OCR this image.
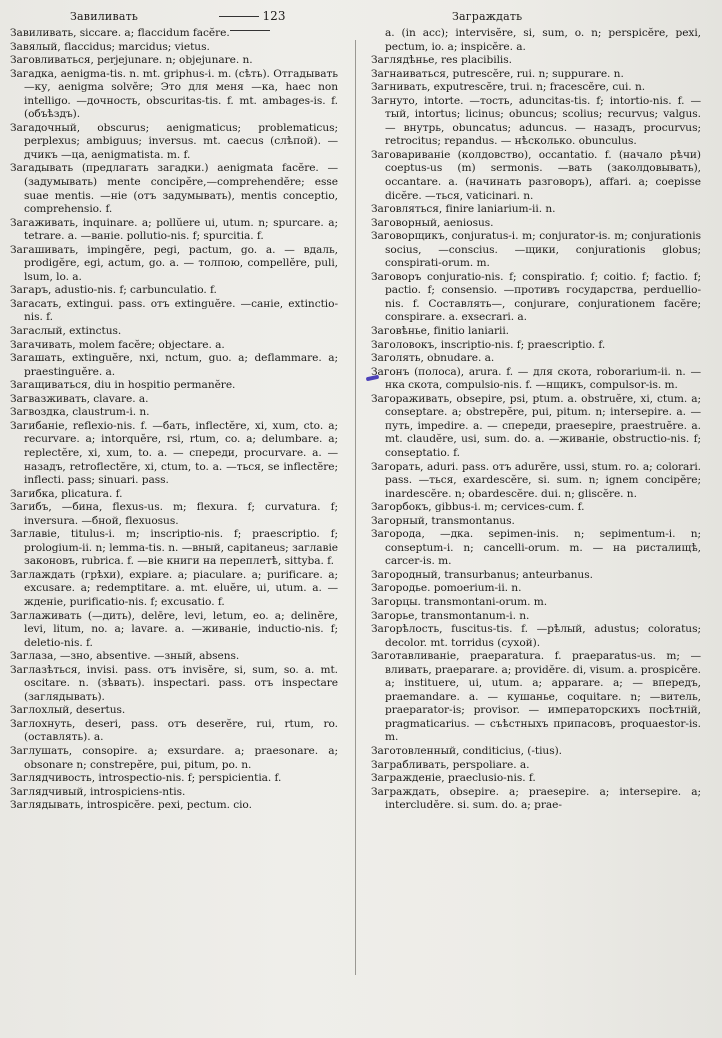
Завиливать	123	Заграждать

Завиливать, siccare. a; flaccidum facĕre.

Завялый, flaccidus; marcidus; vietus.

Заговливаться, perjejunare. n; objejunare. n.

Загадка, aenigma-tis. n. mt. griphus-i. m. (сѣть). Отгадывать —ку, aenigma solvĕre; Это для меня —ка, haec non intelligo. —дочность, obscuritas-tis. f. mt. ambages-is. f. (объѣздъ).

Загадочный, obscurus; aenigmaticus; problematicus; perplexus; ambiguus; inversus. mt. caecus (слѣпой). —дчикъ —ца, aenigmatista. m. f.

Загадывать (предлагать загадки.) aenigmata facĕre. —(задумывать) mente concipĕre,—comprehendĕre; esse suae mentis. —ніе (отъ задумывать), mentis conceptio, comprehensio. f.

Загаживать, inquinare. a; pollŭere ui, utum. n; spurcare. a; tetrare. a. —ваніе. pollutio-nis. f; spurcitia. f.

Загашивать, impingĕre, pegi, pactum, go. a. — вдаль, prodigĕre, egi, actum, go. a. — толпою, compellĕre, puli, lsum, lo. a.

Загаръ, adustio-nis. f; carbunculatio. f.

Загасать, extingui. pass. отъ extinguĕre. —саніе, extinctio-nis. f.

Загаслый, extinctus.

Загачивать, molem facĕre; objectare. a.

Загашать, extinguĕre, nxi, nctum, guo. a; deflammare. a; praestinguĕre. a.

Загащиваться, diu in hospitio permanĕre.

Загвазживать, clavare. a.

Загвоздка, claustrum-i. n.

Загибаніе, reflexio-nis. f. —бать, inflectĕre, xi, xum, cto. a; recurvare. a; intorquĕre, rsi, rtum, co. a; delumbare. a; replectĕre, xi, xum, to. a. — спереди, procurvare. a. — назадъ, retroflectĕre, xi, ctum, to. a. —ться, se inflectĕre; inflecti. pass; sinuari. pass.

Загибка, plicatura. f.

Загибъ, —бина, flexus-us. m; flexura. f; curvatura. f; inversura. —бной, flexuosus.

Заглавіе, titulus-i. m; inscriptio-nis. f; praescriptio. f; prologium-ii. n; lemma-tis. n. —вный, capitaneus; заглавіе законовъ, rubrica. f. —віе книги на переплетѣ, sittyba. f.

Заглаждать (грѣхи), expiare. a; piaculare. a; purificare. a; excusare. a; redemptitare. a. mt. eluĕre, ui, utum. a. —жденіе, purificatio-nis. f; excusatio. f.

Заглаживать (—дить), delēre, levi, letum, eo. a; delinĕre, levi, litum, no. a; lavare. a. —живаніе, inductio-nis. f; deletio-nis. f.

Заглаза, —зно, absentive. —зный, absens.

Заглазѣться, invisi. pass. отъ invisĕre, si, sum, so. a. mt. oscitare. n. (зѣвать). inspectari. pass. отъ inspectare (заглядывать).

Заглохлый, desertus.

Заглохнуть, deseri, pass. отъ deserĕre, rui, rtum, ro. (оставлять). a.

Заглушать, consopire. a; exsurdare. a; praesonare. a; obsonare n; constrepĕre, pui, pitum, po. n.

Заглядчивость, introspectio-nis. f; perspicientia. f.

Заглядчивый, introspiciens-ntis.

Заглядывать, introspicĕre. pexi, pectum. cio.

a. (in acc); intervisĕre, si, sum, o. n; perspicĕre, pexi, pectum, io. a; inspicĕre. a.

Заглядѣнье, res placibilis.

Загнаиваться, putrescĕre, rui. n; suppurare. n.

Загнивать, exputrescĕre, trui. n; fracescĕre, cui. n.

Загнуто, intorte. —тость, aduncitas-tis. f; intortio-nis. f. —тый, intortus; licinus; obuncus; scolius; recurvus; valgus. — внутрь, obuncatus; aduncus. — назадъ, procurvus; retrocitus; repandus. — нѣсколько. obunculus.

Заговариваніе (колдовство), occantatio. f. (начало рѣчи) coeptus-us (m) sermonis. —вать (заколдовывать), occantare. a. (начинать разговоръ), affari. a; coepisse dicĕre. —ться, vaticinari. n.

Заговляться, finire laniarium-ii. n.

Заговорный, aeniosus.

Заговорщикъ, conjuratus-i. m; conjurator-is. m; conjurationis socius, —conscius. —щики, conjurationis globus; conspirati-orum. m.

Заговоръ conjuratio-nis. f; conspiratio. f; coitio. f; factio. f; pactio. f; consensio. —противъ государства, perduellio-nis. f. Составлять—, conjurare, conjurationem facĕre; conspirare. a. exsecrari. a.

Заговѣнье, finitio laniarii.

Заголовокъ, inscriptio-nis. f; praescriptio. f.

Заголять, obnudare. a.

Загонъ (полоса), arura. f. — для скота, roborarium-ii. n. —нка скота, compulsio-nis. f. —нщикъ, compulsor-is. m.

Загораживать, obsepire, psi, ptum. a. obstruĕre, xi, ctum. a; conseptare. a; obstrepĕre, pui, pitum. n; intersepire. a. —путь, impedire. a. — спереди, praesepire, praestruĕre. a. mt. claudĕre, usi, sum. do. a. —живаніе, obstructio-nis. f; conseptatio. f.

Загорать, aduri. pass. отъ adurĕre, ussi, stum. ro. a; colorari. pass. —ться, exardescĕre, si. sum. n; ignem concipĕre; inardescĕre. n; obardescĕre. dui. n; gliscĕre. n.

Загорбокъ, gibbus-i. m; cervices-cum. f.

Загорный, transmontanus.

Загорода, —дка. sepimen-inis. n; sepimentum-i. n; conseptum-i. n; cancelli-orum. m. — на ристалищѣ, carcer-is. m.

Загородный, transurbanus; anteurbanus.

Загородье. pomoerium-ii. n.

Загорцы. transmontani-orum. m.

Загорье, transmontanum-i. n.

Загорѣлость, fuscitus-tis. f. —рѣлый, adustus; coloratus; decolor. mt. torridus (сухой).

Заготавливаніе, praeparatura. f. praeparatus-us. m; —вливать, praeparare. a; providĕre. di, visum. a. prospicĕre. a; instituere, ui, utum. a; apparare. a; — впередъ, praemandare. a. — кушанье, coquitare. n; —витель, praeparator-is; provisor. — императорскихъ посѣтній, pragmaticarius. — съѣстныхъ припасовъ, proquaestor-is. m.

Заготовленный, conditicius, (-tius).

Заграбливать, perspoliare. a.

Загражденіе, praeclusio-nis. f.

Заграждать, obsepire. a; praesepire. a; intersepire. a; intercludĕre. si. sum. do. a; prae-
